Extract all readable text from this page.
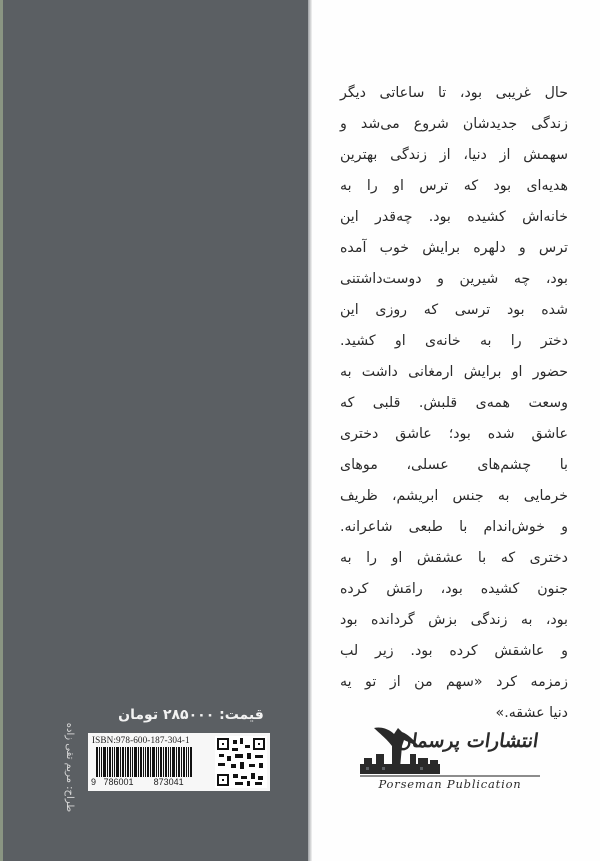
حال غریبی بود، تا ساعاتی دیگر
زندگی جدیدشان شروع می‌شد و
سهمش از دنیا، از زندگی بهترین
هدیه‌ای بود که ترس او را به
خانه‌اش کشیده بود. چه‌قدر این
ترس و دلهره برایش خوب آمده
بود، چه شیرین و دوست‌داشتنی
شده بود ترسی که روزی این
دختر را به خانه‌ی او کشید.
حضور او برایش ارمغانی داشت به
وسعت همه‌ی قلبش. قلبی که
عاشق شده بود؛ عاشق دختری
با چشم‌های عسلی، موهای
خرمایی به جنس ابریشم، ظریف
و خوش‌اندام با طبعی شاعرانه.
دختری که با عشقش او را به
جنون کشیده بود، رامَش کرده
بود، به زندگی بزش گردانده بود
و عاشقش کرده بود. زیر لب
زمزمه کرد «سهم من از تو یه
دنیا عشقه.»
قیمت: ۲۸۵۰۰۰ تومان
ISBN:978-600-187-304-1
9 786001 873041
طراح: مریم تقی زاده	انتشارات پرسمان
Porseman Publication
